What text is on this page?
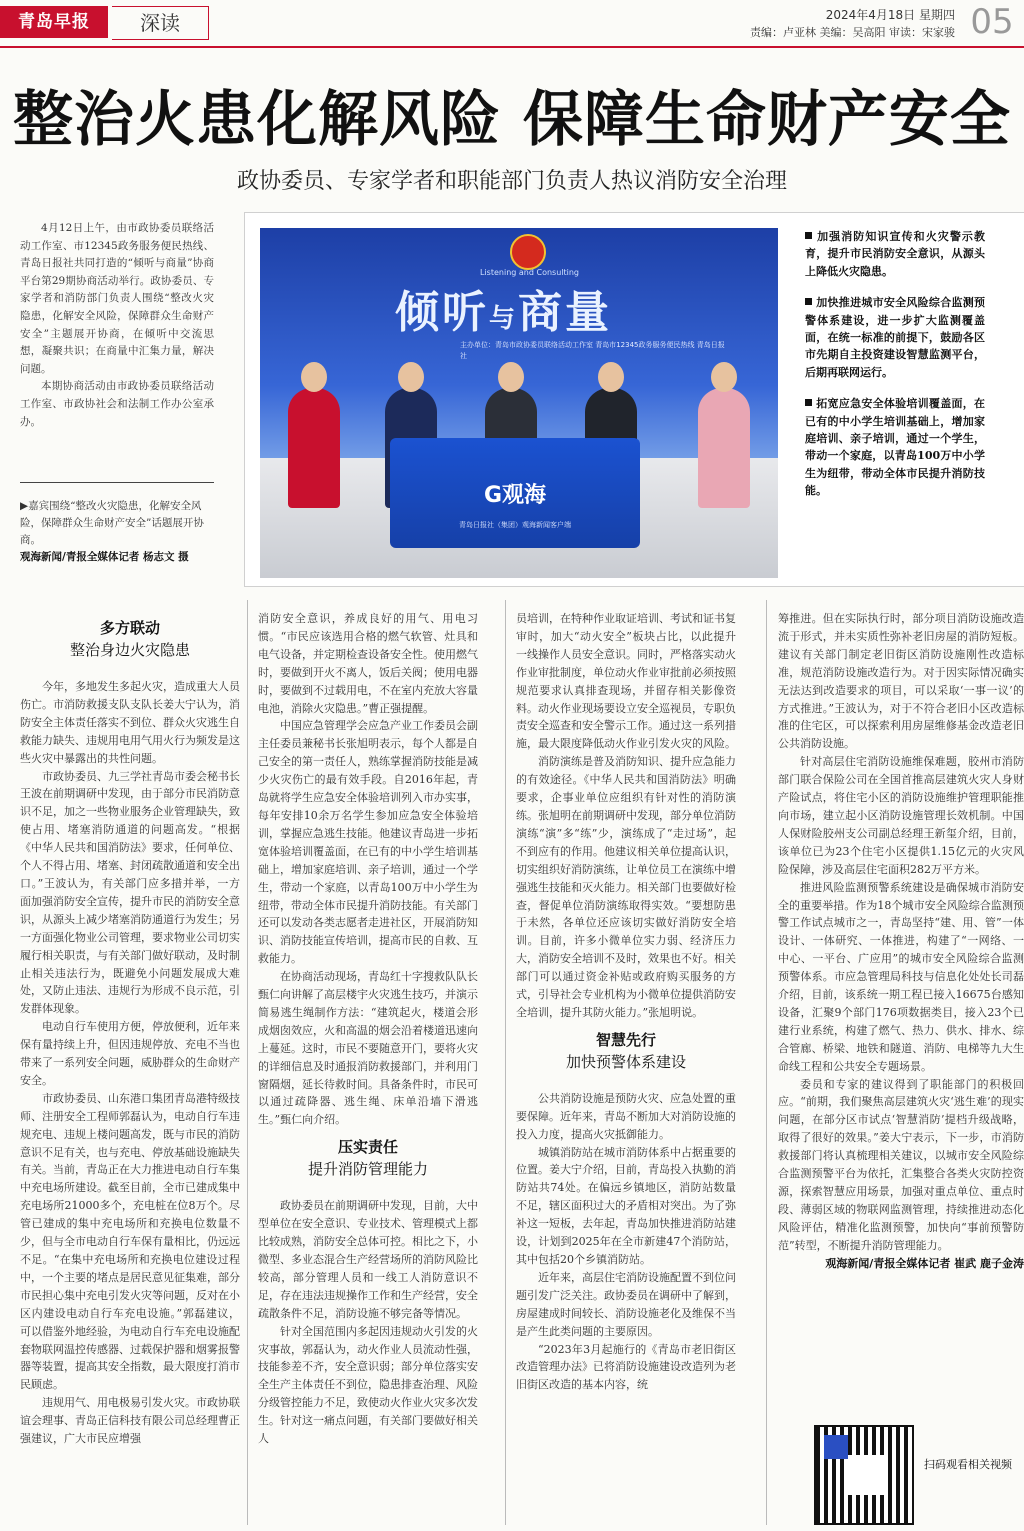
青岛早报	深读	2024年4月18日 星期四
责编：卢亚林 美编：吴高阳 审读：宋家骏 05
整治火患化解风险 保障生命财产安全
政协委员、专家学者和职能部门负责人热议消防安全治理

4月12日上午，由市政协委员联络活动工作室、市12345政务服务便民热线、青岛日报社共同打造的“倾听与商量”协商平台第29期协商活动举行。政协委员、专家学者和消防部门负责人围绕“整改火灾隐患，化解安全风险，保障群众生命财产安全”主题展开协商，在倾听中交流思想，凝聚共识；在商量中汇集力量，解决问题。

本期协商活动由市政协委员联络活动工作室、市政协社会和法制工作办公室承办。

▶嘉宾围绕“整改火灾隐患，化解安全风险，保障群众生命财产安全”话题展开协商。
观海新闻/青报全媒体记者 杨志文 摄
Listening and Consulting
倾听与商量
主办单位：青岛市政协委员联络活动工作室 青岛市12345政务服务便民热线 青岛日报社
G观海
青岛日报社（集团）观海新闻客户端

加强消防知识宣传和火灾警示教育，提升市民消防安全意识，从源头上降低火灾隐患。

加快推进城市安全风险综合监测预警体系建设，进一步扩大监测覆盖面，在统一标准的前提下，鼓励各区市先期自主投资建设智慧监测平台，后期再联网运行。

拓宽应急安全体验培训覆盖面，在已有的中小学生培训基础上，增加家庭培训、亲子培训，通过一个学生，带动一个家庭，以青岛100万中小学生为纽带，带动全体市民提升消防技能。

多方联动
整治身边火灾隐患

今年，多地发生多起火灾，造成重大人员伤亡。市消防救援支队支队长姜大宁认为，消防安全主体责任落实不到位、群众火灾逃生自救能力缺失、违规用电用气用火行为频发是这些火灾中暴露出的共性问题。

市政协委员、九三学社青岛市委会秘书长王波在前期调研中发现，由于部分市民消防意识不足，加之一些物业服务企业管理缺失，致使占用、堵塞消防通道的问题高发。“根据《中华人民共和国消防法》要求，任何单位、个人不得占用、堵塞、封闭疏散通道和安全出口。”王波认为，有关部门应多措并举，一方面加强消防安全宣传，提升市民的消防安全意识，从源头上减少堵塞消防通道行为发生；另一方面强化物业公司管理，要求物业公司切实履行相关职责，与有关部门做好联动，及时制止相关违法行为，既避免小问题发展成大难处，又防止违法、违规行为形成不良示范，引发群体现象。

电动自行车使用方便，停放便利，近年来保有量持续上升，但因违规停放、充电不当也带来了一系列安全问题，威胁群众的生命财产安全。

市政协委员、山东港口集团青岛港特级技师、注册安全工程师郭磊认为，电动自行车违规充电、违规上楼问题高发，既与市民的消防意识不足有关，也与充电、停放基础设施缺失有关。当前，青岛正在大力推进电动自行车集中充电场所建设。截至目前，全市已建成集中充电场所21000多个，充电桩在位8万个。尽管已建成的集中充电场所和充换电位数量不少，但与全市电动自行车保有量相比，仍远远不足。“在集中充电场所和充换电位建设过程中，一个主要的堵点是居民意见征集难，部分市民担心集中充电引发火灾等问题，反对在小区内建设电动自行车充电设施。”郭磊建议，可以借鉴外地经验，为电动自行车充电设施配套物联网温控传感器、过载保护器和烟雾报警器等装置，提高其安全指数，最大限度打消市民顾虑。

违规用气、用电极易引发火灾。市政协联谊会理事、青岛正信科技有限公司总经理曹正强建议，广大市民应增强

消防安全意识，养成良好的用气、用电习惯。“市民应该选用合格的燃气软管、灶具和电气设备，并定期检查设备安全性。使用燃气时，要做到开火不离人，饭后关阀；使用电器时，要做到不过载用电，不在室内充放大容量电池，消除火灾隐患。”曹正强提醒。

中国应急管理学会应急产业工作委员会副主任委员兼秘书长张旭明表示，每个人都是自己安全的第一责任人，熟练掌握消防技能是减少火灾伤亡的最有效手段。自2016年起，青岛就将学生应急安全体验培训列入市办实事，每年安排10余万名学生参加应急安全体验培训，掌握应急逃生技能。他建议青岛进一步拓宽体验培训覆盖面，在已有的中小学生培训基础上，增加家庭培训、亲子培训，通过一个学生，带动一个家庭，以青岛100万中小学生为纽带，带动全体市民提升消防技能。有关部门还可以发动各类志愿者走进社区，开展消防知识、消防技能宣传培训，提高市民的自救、互救能力。

在协商活动现场，青岛红十字搜救队队长甄仁向讲解了高层楼宇火灾逃生技巧，并演示简易逃生绳制作方法：“建筑起火，楼道会形成烟囱效应，火和高温的烟会沿着楼道迅速向上蔓延。这时，市民不要随意开门，要将火灾的详细信息及时通报消防救援部门，并利用门窗隔烟，延长待救时间。具备条件时，市民可以通过疏降器、逃生绳、床单沿墙下滑逃生。”甄仁向介绍。

压实责任
提升消防管理能力

政协委员在前期调研中发现，目前，大中型单位在安全意识、专业技术、管理模式上都比较成熟，消防安全总体可控。相比之下，小微型、多业态混合生产经营场所的消防风险比较高，部分管理人员和一线工人消防意识不足，存在违法违规操作工作和生产经营，安全疏散条件不足，消防设施不够完备等情况。

针对全国范围内多起因违规动火引发的火灾事故，郭磊认为，动火作业人员流动性强，技能参差不齐，安全意识弱；部分单位落实安全生产主体责任不到位，隐患排查治理、风险分级管控能力不足，致使动火作业火灾多次发生。针对这一痛点问题，有关部门要做好相关人

员培训，在特种作业取证培训、考试和证书复审时，加大“动火安全”板块占比，以此提升一线操作人员安全意识。同时，严格落实动火作业审批制度，单位动火作业审批前必须按照规范要求认真排查现场，并留存相关影像资料。动火作业现场要设立安全巡视员，专职负责安全巡查和安全警示工作。通过这一系列措施，最大限度降低动火作业引发火灾的风险。

消防演练是普及消防知识、提升应急能力的有效途径。《中华人民共和国消防法》明确要求，企事业单位应组织有针对性的消防演练。张旭明在前期调研中发现，部分单位消防演练“演”多“练”少，演练成了“走过场”，起不到应有的作用。他建议相关单位提高认识，切实组织好消防演练，让单位员工在演练中增强逃生技能和灭火能力。相关部门也要做好检查，督促单位消防演练取得实效。“要想防患于未然，各单位还应该切实做好消防安全培训。目前，许多小微单位实力弱、经济压力大，消防安全培训不及时，效果也不好。相关部门可以通过资金补贴或政府购买服务的方式，引导社会专业机构为小微单位提供消防安全培训，提升其防火能力。”张旭明说。

智慧先行
加快预警体系建设

公共消防设施是预防火灾、应急处置的重要保障。近年来，青岛不断加大对消防设施的投入力度，提高火灾抵御能力。

城镇消防站在城市消防体系中占据重要的位置。姜大宁介绍，目前，青岛投入执勤的消防站共74处。在偏远乡镇地区，消防站数量不足，辖区面积过大的矛盾相对突出。为了弥补这一短板，去年起，青岛加快推进消防站建设，计划到2025年在全市新建47个消防站，其中包括20个乡镇消防站。

近年来，高层住宅消防设施配置不到位问题引发广泛关注。政协委员在调研中了解到，房屋建成时间较长、消防设施老化及维保不当是产生此类问题的主要原因。

“2023年3月起施行的《青岛市老旧街区改造管理办法》已将消防设施建设改造列为老旧街区改造的基本内容，统

筹推进。但在实际执行时，部分项目消防设施改造流于形式，并未实质性弥补老旧房屋的消防短板。建议有关部门制定老旧街区消防设施刚性改造标准，规范消防设施改造行为。对于因实际情况确实无法达到改造要求的项目，可以采取‘一事一议’的方式推进。”王波认为，对于不符合老旧小区改造标准的住宅区，可以探索利用房屋维修基金改造老旧公共消防设施。

针对高层住宅消防设施维保难题，胶州市消防部门联合保险公司在全国首推高层建筑火灾人身财产险试点，将住宅小区的消防设施维护管理职能推向市场，建立起小区消防设施管理长效机制。中国人保财险胶州支公司副总经理王新玺介绍，目前，该单位已为23个住宅小区提供1.15亿元的火灾风险保障，涉及高层住宅面积282万平方米。

推进风险监测预警系统建设是确保城市消防安全的重要举措。作为18个城市安全风险综合监测预警工作试点城市之一，青岛坚持“建、用、管”一体设计、一体研究、一体推进，构建了“一网络、一中心、一平台、广应用”的城市安全风险综合监测预警体系。市应急管理局科技与信息化处处长司磊介绍，目前，该系统一期工程已接入16675台感知设备，汇聚9个部门176项数据类目，接入23个已建行业系统，构建了燃气、热力、供水、排水、综合管廊、桥梁、地铁和隧道、消防、电梯等九大生命线工程和公共安全专题场景。

委员和专家的建议得到了职能部门的积极回应。“前期，我们聚焦高层建筑火灾‘逃生难’的现实问题，在部分区市试点‘智慧消防’提档升级战略，取得了很好的效果。”姜大宁表示，下一步，市消防救援部门将认真梳理相关建议，以城市安全风险综合监测预警平台为依托，汇集整合各类火灾防控资源，探索智慧应用场景，加强对重点单位、重点时段、薄弱区域的物联网监测管理，持续推进动态化风险评估，精准化监测预警，加快向“事前预警防范”转型，不断提升消防管理能力。

观海新闻/青报全媒体记者 崔武 鹿子金涛

扫码观看相关视频
